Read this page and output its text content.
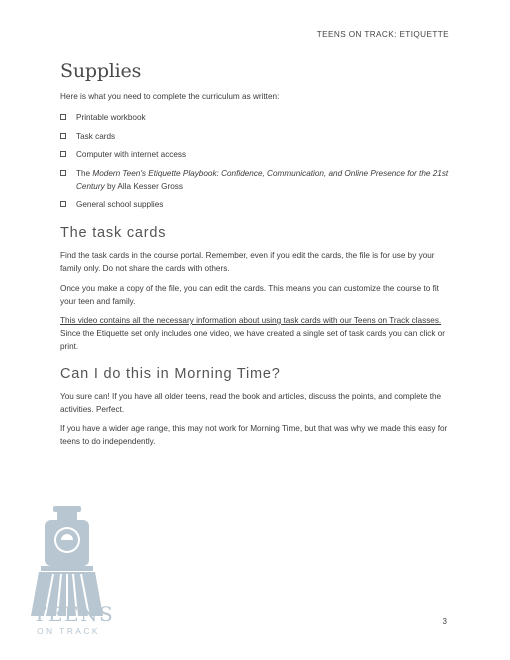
TEENS ON TRACK: ETIQUETTE
Supplies

Here is what you need to complete the curriculum as written:

Printable workbook
Task cards
Computer with internet access
The Modern Teen's Etiquette Playbook: Confidence, Communication, and Online Presence for the 21st Century by Alla Kesser Gross
General school supplies
The task cards

Find the task cards in the course portal. Remember, even if you edit the cards, the file is for use by your family only. Do not share the cards with others.

Once you make a copy of the file, you can edit the cards. This means you can customize the course to fit your teen and family.

This video contains all the necessary information about using task cards with our Teens on Track classes. Since the Etiquette set only includes one video, we have created a single set of task cards you can click or print.

Can I do this in Morning Time?

You sure can! If you have all older teens, read the book and articles, discuss the points, and complete the activities. Perfect.

If you have a wider age range, this may not work for Morning Time, but that was why we made this easy for teens to do independently.

TEENS
ON TRACK
3
